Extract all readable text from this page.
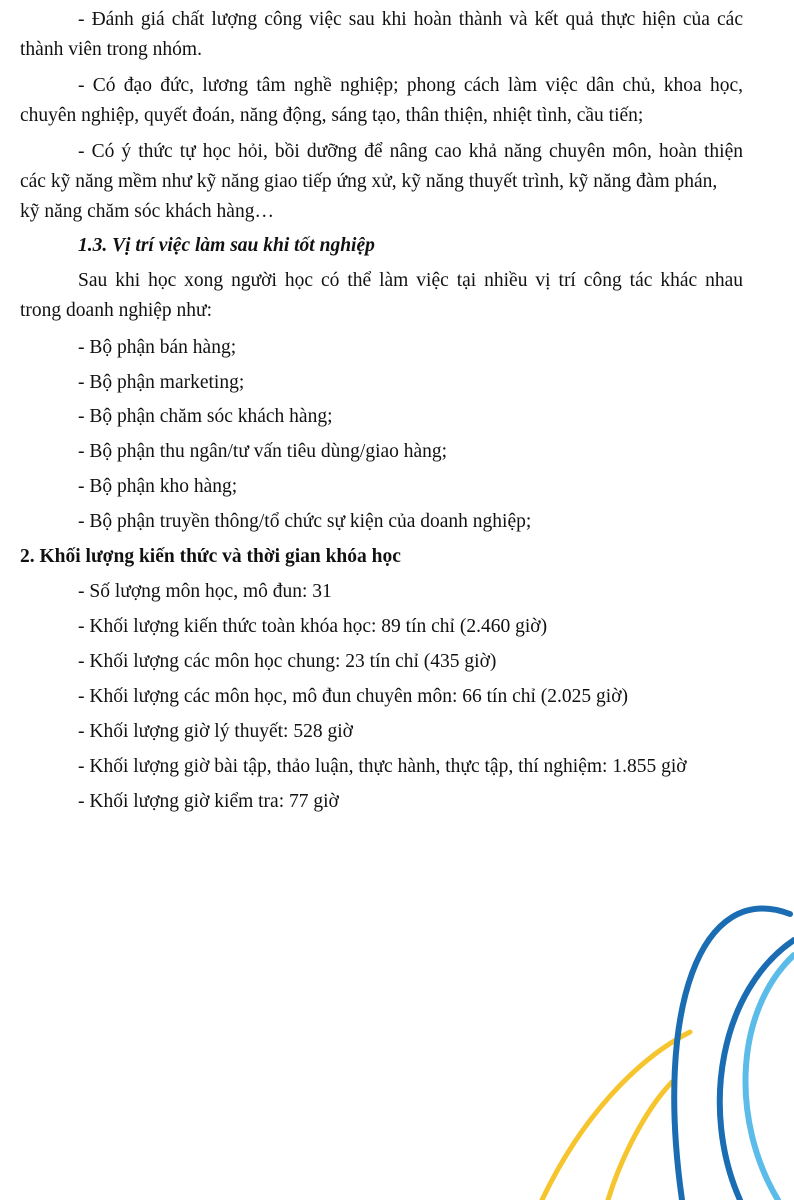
- Đánh giá chất lượng công việc sau khi hoàn thành và kết quả thực hiện của các
thành viên trong nhóm.
- Có đạo đức, lương tâm nghề nghiệp; phong cách làm việc dân chủ, khoa học,
chuyên nghiệp, quyết đoán, năng động, sáng tạo, thân thiện, nhiệt tình, cầu tiến;
- Có ý thức tự học hỏi, bồi dưỡng để nâng cao khả năng chuyên môn, hoàn thiện
các kỹ năng mềm như kỹ năng giao tiếp ứng xử, kỹ năng thuyết trình, kỹ năng đàm phán,
kỹ năng chăm sóc khách hàng…
1.3. Vị trí việc làm sau khi tốt nghiệp
Sau khi học xong người học có thể làm việc tại nhiều vị trí công tác khác nhau
trong doanh nghiệp như:
- Bộ phận bán hàng;
- Bộ phận marketing;
- Bộ phận chăm sóc khách hàng;
- Bộ phận thu ngân/tư vấn tiêu dùng/giao hàng;
- Bộ phận kho hàng;
- Bộ phận truyền thông/tổ chức sự kiện của doanh nghiệp;
2. Khối lượng kiến thức và thời gian khóa học
- Số lượng môn học, mô đun: 31
- Khối lượng kiến thức toàn khóa học: 89 tín chỉ (2.460 giờ)
- Khối lượng các môn học chung: 23 tín chỉ (435 giờ)
- Khối lượng các môn học, mô đun chuyên môn: 66 tín chỉ (2.025 giờ)
- Khối lượng giờ lý thuyết: 528 giờ
- Khối lượng giờ bài tập, thảo luận, thực hành, thực tập, thí nghiệm: 1.855 giờ
- Khối lượng giờ kiểm tra: 77 giờ
